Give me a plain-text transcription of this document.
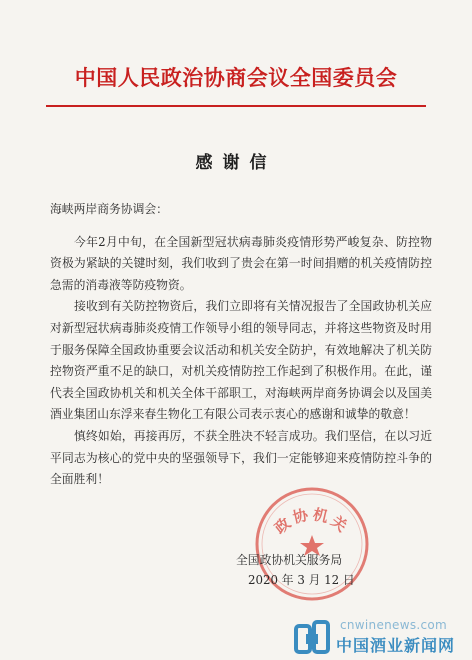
中国人民政治协商会议全国委员会
感谢信

海峡两岸商务协调会：

今年2月中旬，在全国新型冠状病毒肺炎疫情形势严峻复杂、防控物资极为紧缺的关键时刻，我们收到了贵会在第一时间捐赠的机关疫情防控急需的消毒液等防疫物资。

接收到有关防控物资后，我们立即将有关情况报告了全国政协机关应对新型冠状病毒肺炎疫情工作领导小组的领导同志，并将这些物资及时用于服务保障全国政协重要会议活动和机关安全防护，有效地解决了机关防控物资严重不足的缺口，对机关疫情防控工作起到了积极作用。在此，谨代表全国政协机关和机关全体干部职工，对海峡两岸商务协调会以及国美酒业集团山东浮来春生物化工有限公司表示衷心的感谢和诚挚的敬意！

慎终如始，再接再厉，不获全胜决不轻言成功。我们坚信，在以习近平同志为核心的党中央的坚强领导下，我们一定能够迎来疫情防控斗争的全面胜利！

政协机关
全国政协机关服务局
2020 年 3 月 12 日
cnwinenews.com
中国酒业新闻网
